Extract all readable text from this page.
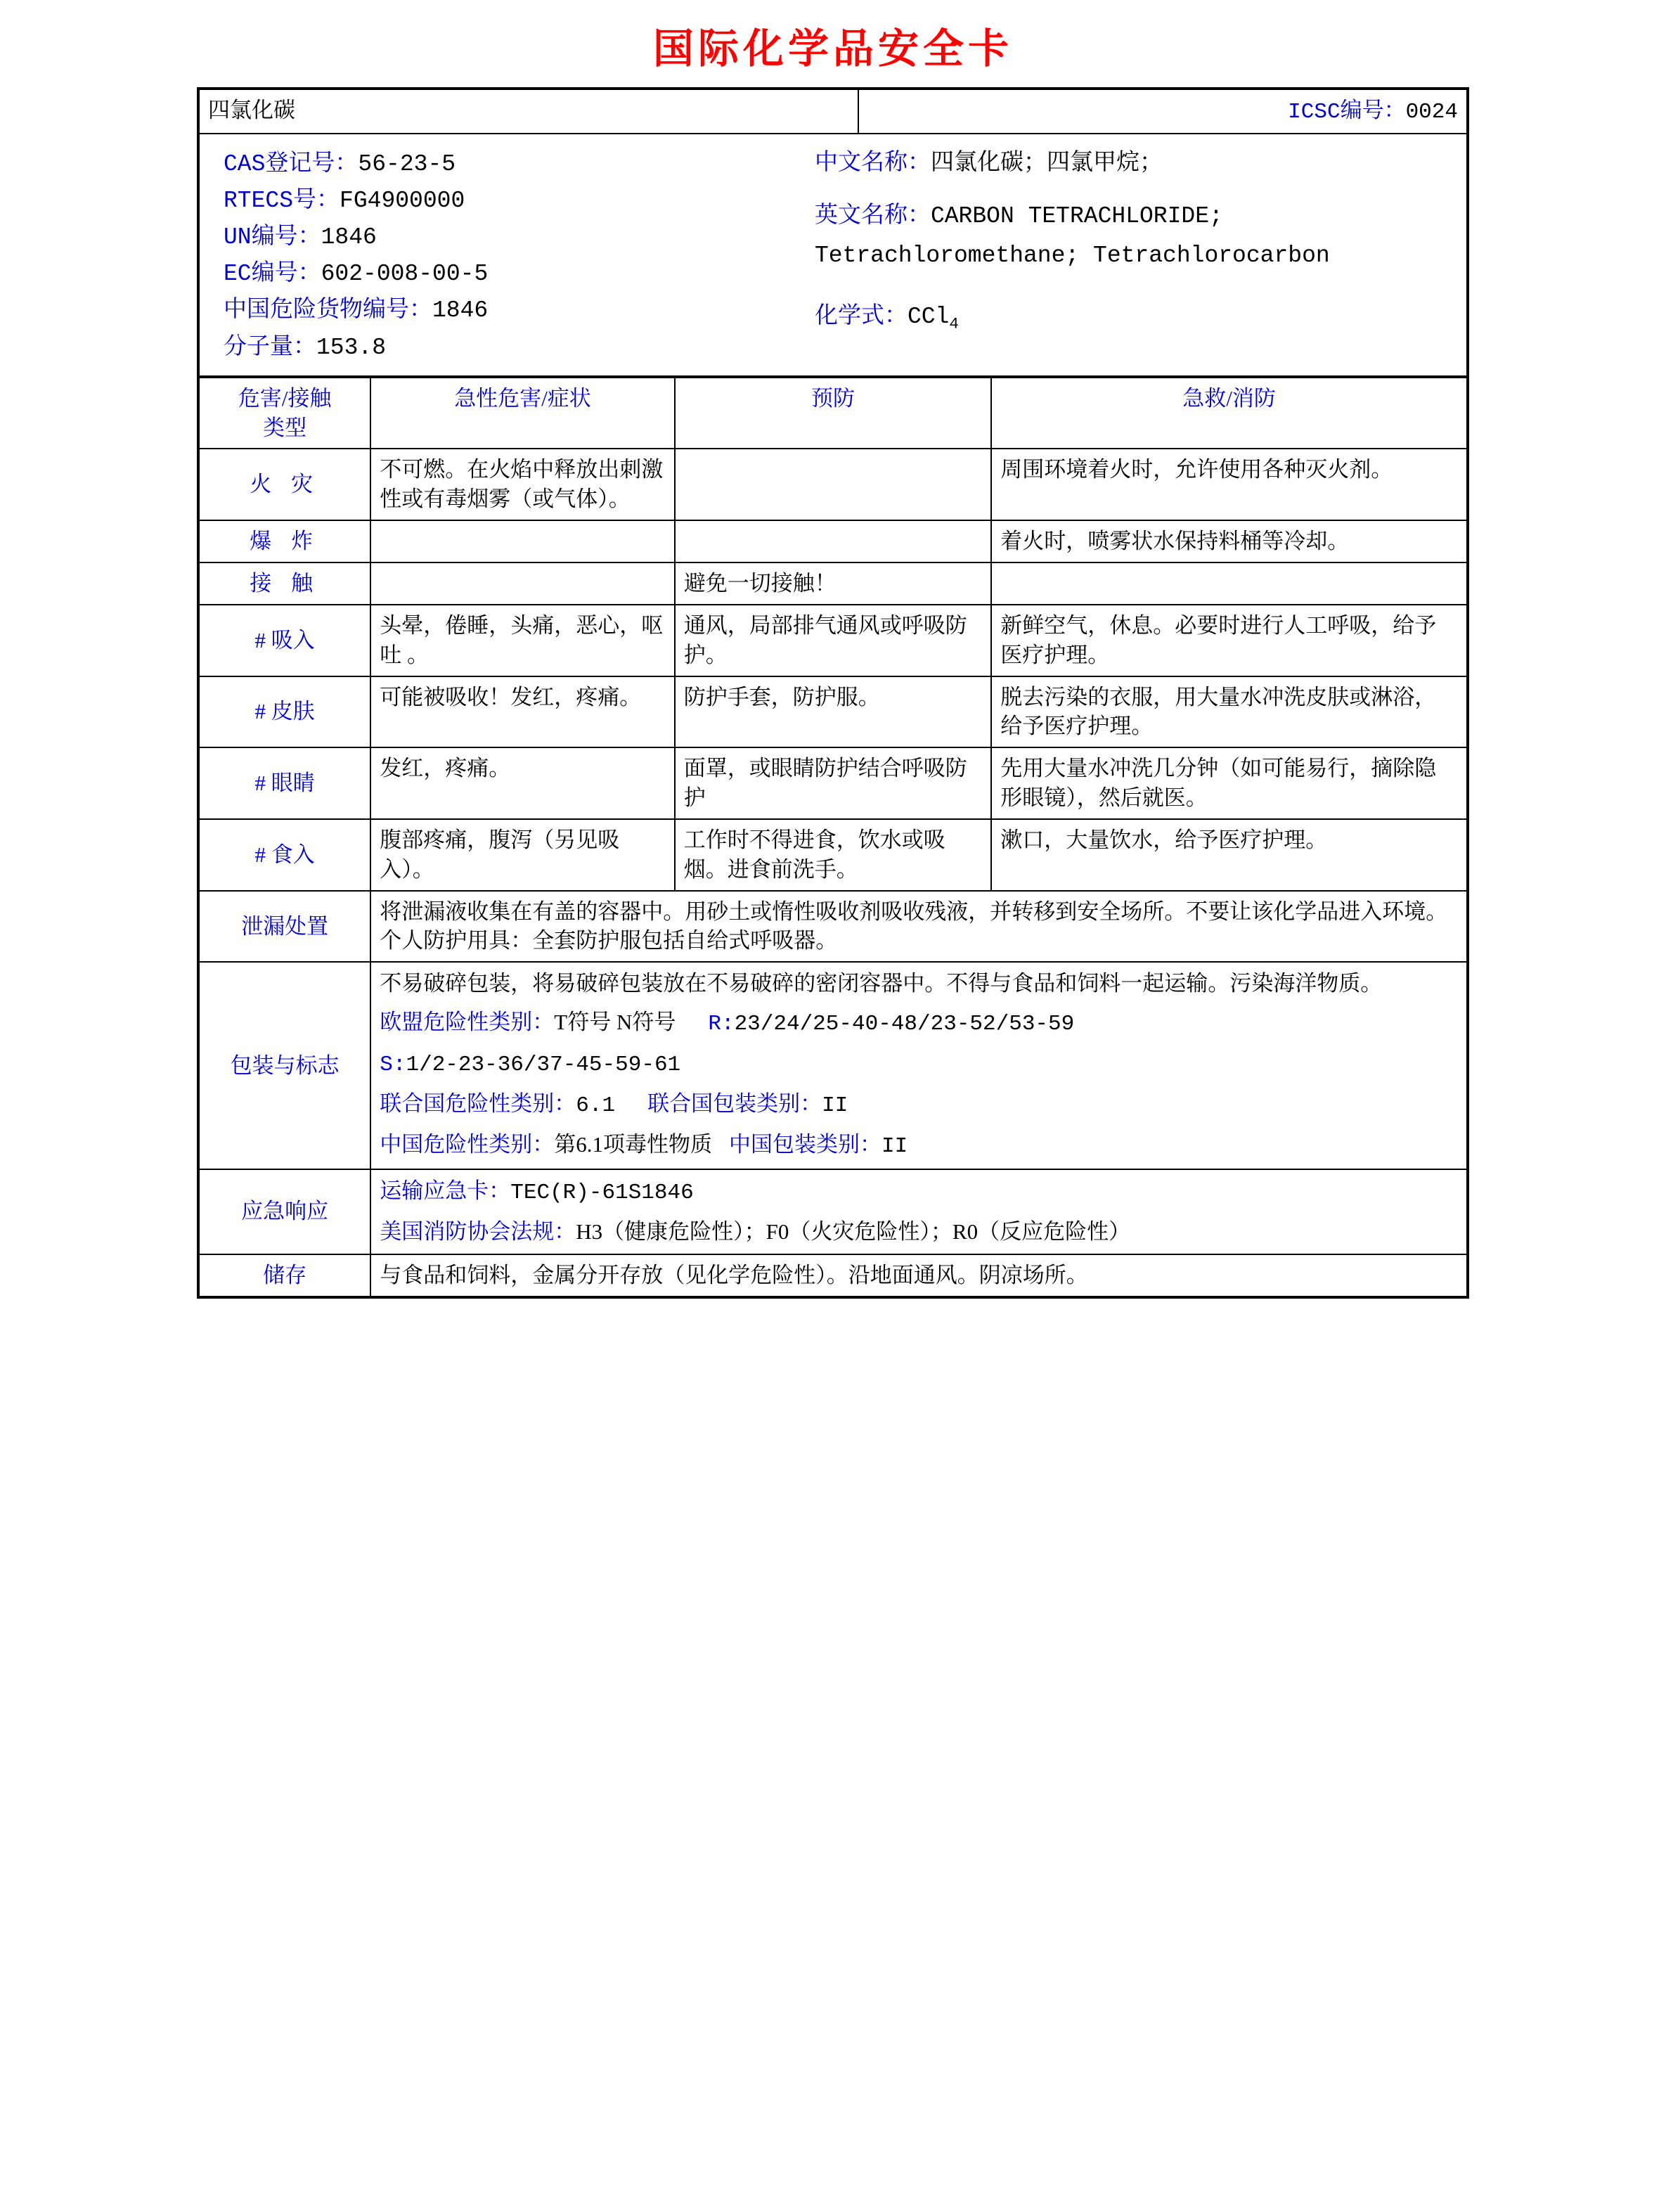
国际化学品安全卡
四氯化碳	ICSC编号：0024
CAS登记号：56-23-5
RTECS号：FG4900000
UN编号：1846
EC编号：602-008-00-5
中国危险货物编号：1846
分子量：153.8
中文名称：四氯化碳；四氯甲烷；
英文名称：CARBON TETRACHLORIDE;
Tetrachloromethane; Tetrachlorocarbon
化学式：CCl$_4$
危害/接触
类型	急性危害/症状	预防	急救/消防
火 灾	不可燃。在火焰中释放出刺激性或有毒烟雾（或气体）。		周围环境着火时，允许使用各种灭火剂。
爆 炸			着火时，喷雾状水保持料桶等冷却。
接 触		避免一切接触！	
# 吸入	头晕，倦睡，头痛，恶心，呕吐 。	通风，局部排气通风或呼吸防护。	新鲜空气，休息。必要时进行人工呼吸，给予医疗护理。
# 皮肤	可能被吸收！发红，疼痛。	防护手套，防护服。	脱去污染的衣服，用大量水冲洗皮肤或淋浴，给予医疗护理。
# 眼睛	发红，疼痛。	面罩，或眼睛防护结合呼吸防护	先用大量水冲洗几分钟（如可能易行，摘除隐形眼镜），然后就医。
# 食入	腹部疼痛，腹泻（另见吸入）。	工作时不得进食，饮水或吸烟。进食前洗手。	漱口，大量饮水，给予医疗护理。
泄漏处置	将泄漏液收集在有盖的容器中。用砂土或惰性吸收剂吸收残液，并转移到安全场所。不要让该化学品进入环境。个人防护用具：全套防护服包括自给式呼吸器。		
包装与标志	不易破碎包装，将易破碎包装放在不易破碎的密闭容器中。不得与食品和饲料一起运输。污染海洋物质。

欧盟危险性类别：T符号 N符号 R:23/24/25-40-48/23-52/53-59

S:1/2-23-36/37-45-59-61

联合国危险性类别：6.1 联合国包装类别：II

中国危险性类别：第6.1项毒性物质 中国包装类别：II		

应急响应	运输应急卡：TEC(R)-61S1846

美国消防协会法规：H3（健康危险性）；F0（火灾危险性）；R0（反应危险性）		

储存	与食品和饲料，金属分开存放（见化学危险性）。沿地面通风。阴凉场所。		
